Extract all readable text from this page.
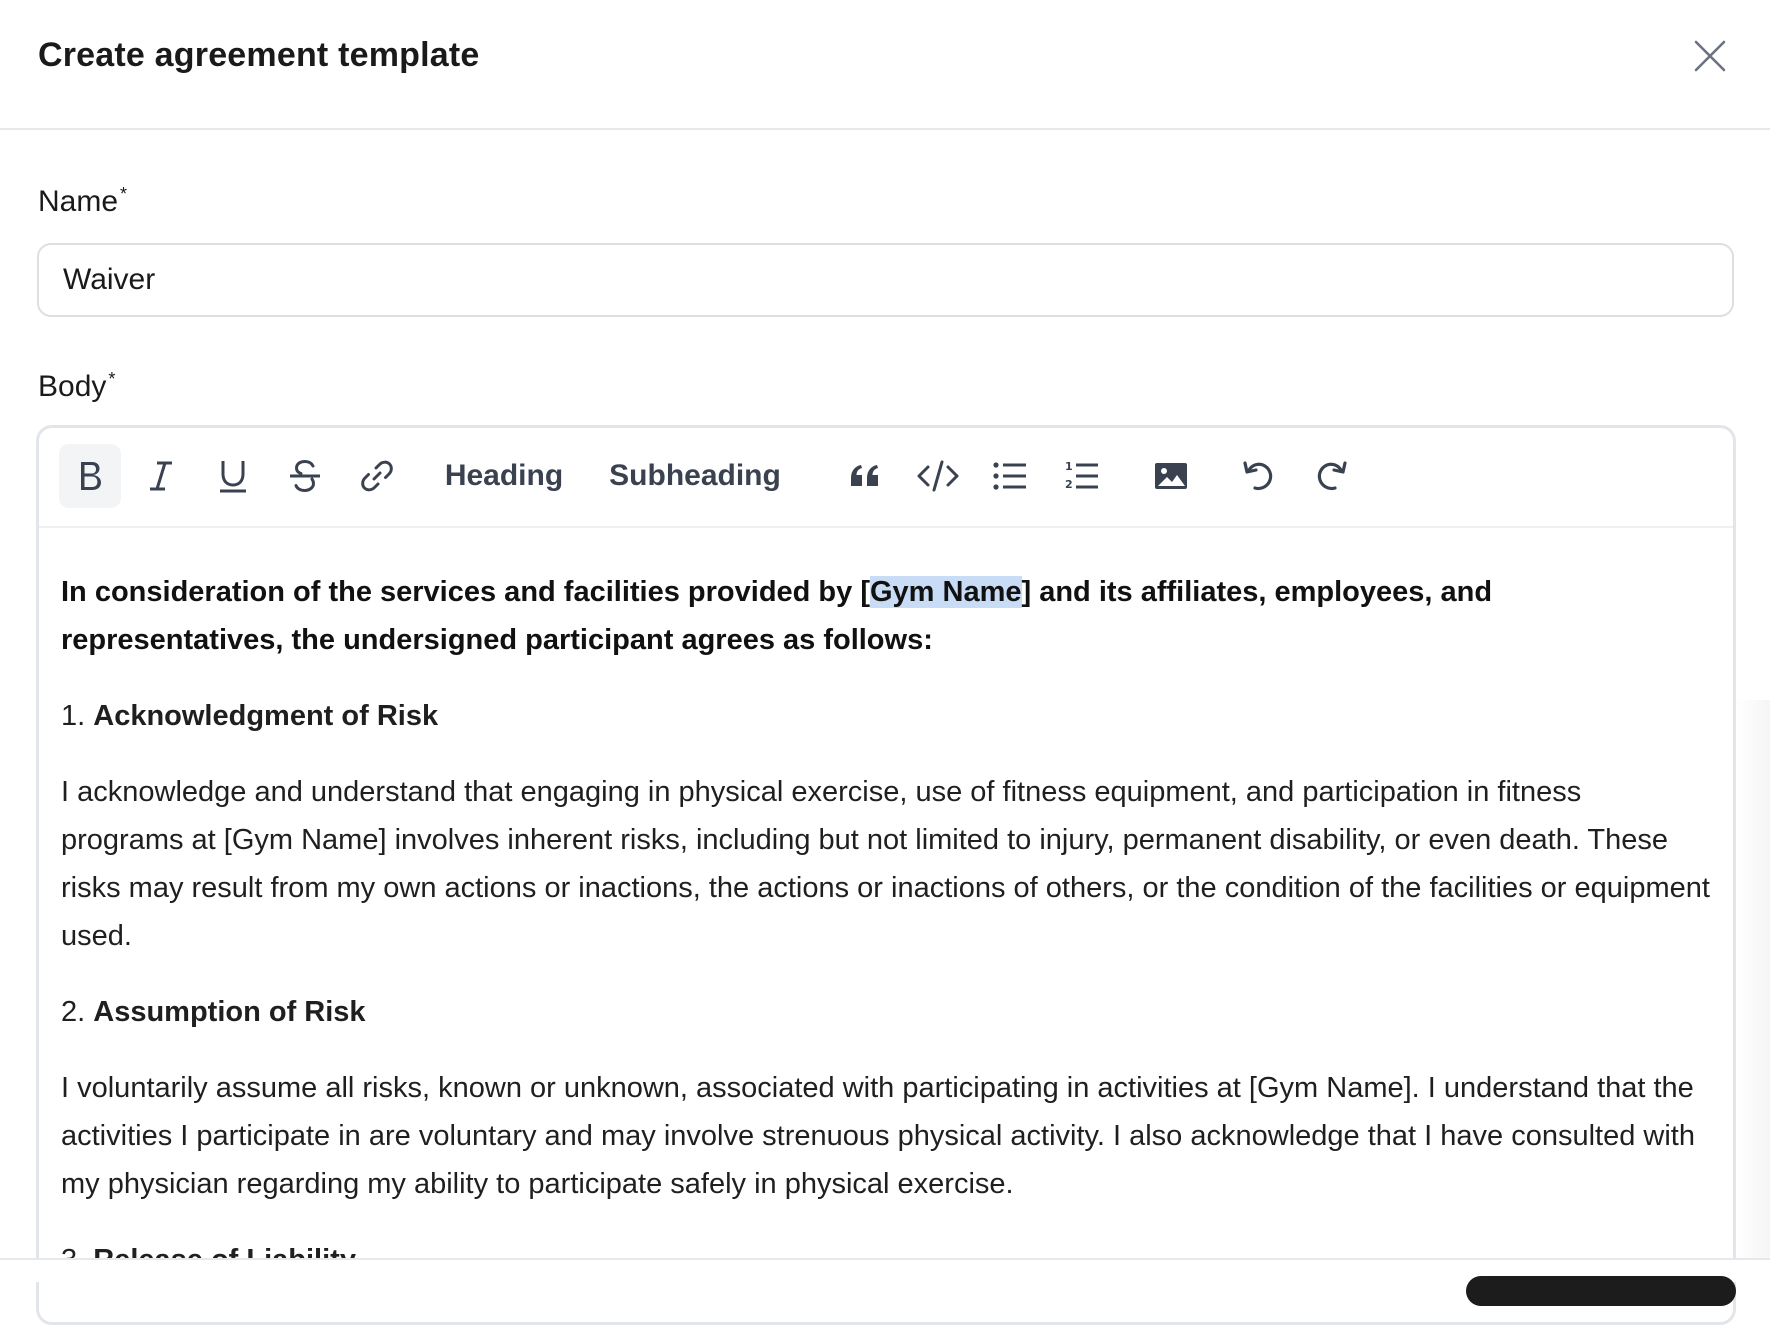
Create agreement template
Name *
Waiver
Body *
Heading Subheading	1
2

In consideration of the services and facilities provided by [Gym Name] and its affiliates, employees, and representatives, the undersigned participant agrees as follows:

1. Acknowledgment of Risk

I acknowledge and understand that engaging in physical exercise, use of fitness equipment, and participation in fitness programs at [Gym Name] involves inherent risks, including but not limited to injury, permanent disability, or even death. These risks may result from my own actions or inactions, the actions or inactions of others, or the condition of the facilities or equipment used.

2. Assumption of Risk

I voluntarily assume all risks, known or unknown, associated with participating in activities at [Gym Name]. I understand that the activities I participate in are voluntary and may involve strenuous physical activity. I also acknowledge that I have consulted with my physician regarding my ability to participate safely in physical exercise.
